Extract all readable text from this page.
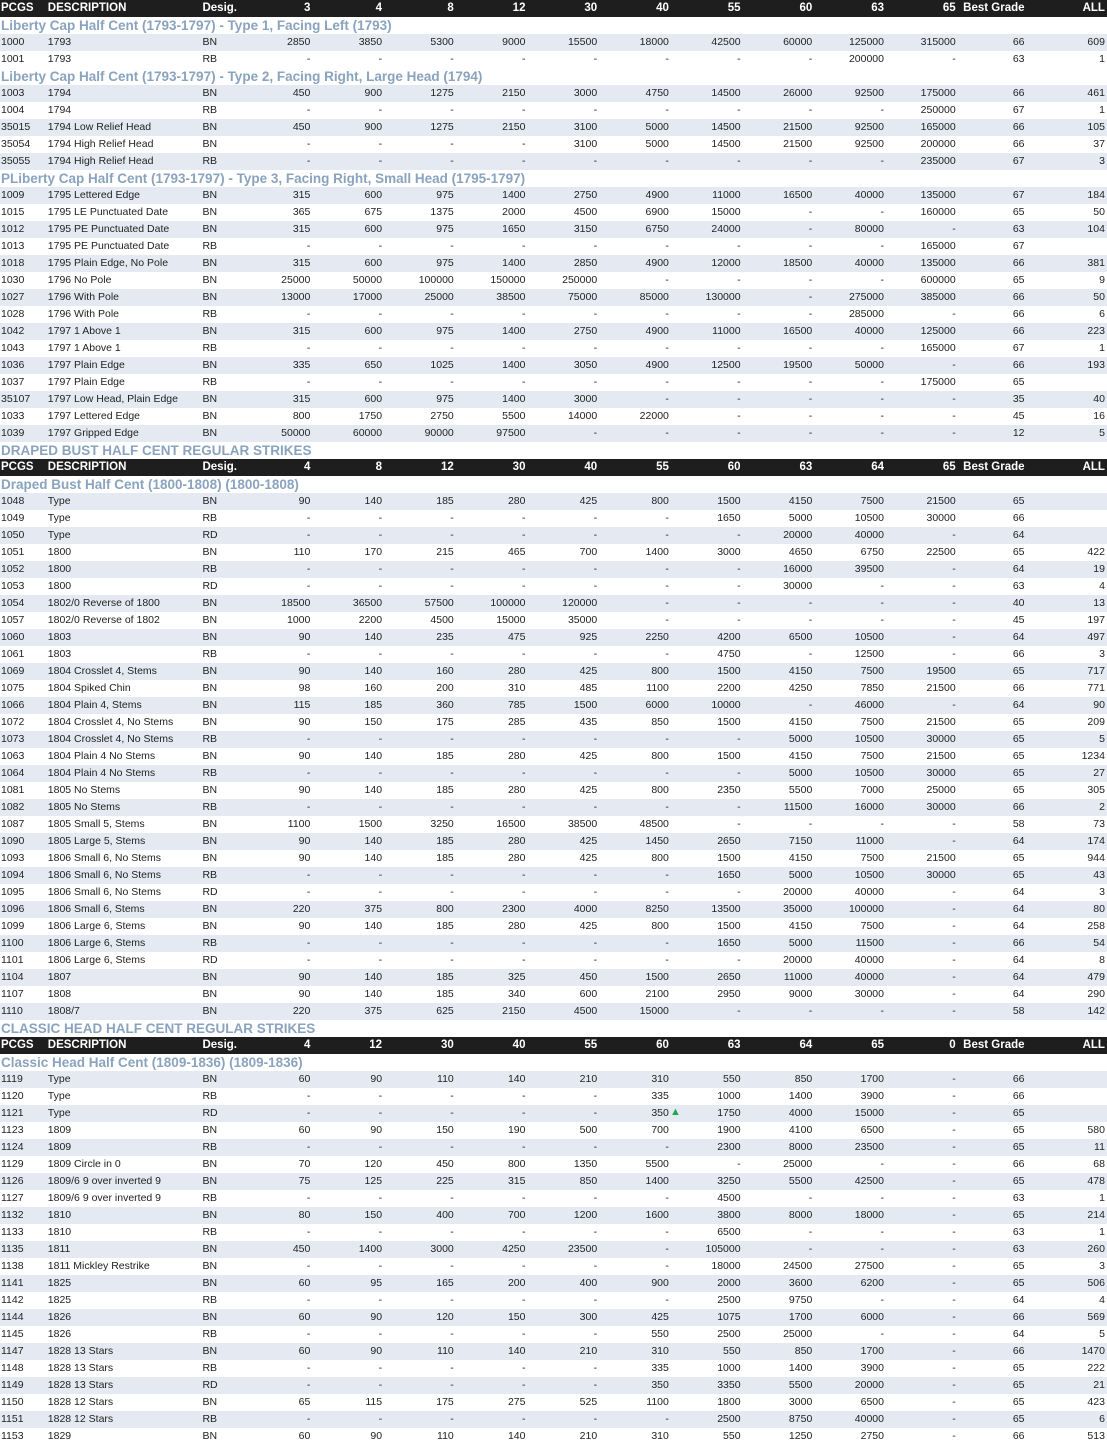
PCGS	DESCRIPTION	Desig.	3	4	8	12	30	40	55	60	63	65 Best Grade	ALL
Liberty Cap Half Cent (1793-1797) - Type 1, Facing Left (1793)
1000	1793	BN	2850	3850	5300	9000	15500	18000	42500	60000	125000	315000	66	609
1001	1793	RB	-	-	-	-	-	-	-	-	200000	-	63	1
Liberty Cap Half Cent (1793-1797) - Type 2, Facing Right, Large Head (1794)
1003	1794	BN	450	900	1275	2150	3000	4750	14500	26000	92500	175000	66	461
1004	1794	RB	-	-	-	-	-	-	-	-	-	250000	67	1
35015	1794 Low Relief Head	BN	450	900	1275	2150	3100	5000	14500	21500	92500	165000	66	105
35054	1794 High Relief Head	BN	-	-	-	-	3100	5000	14500	21500	92500	200000	66	37
35055	1794 High Relief Head	RB	-	-	-	-	-	-	-	-	-	235000	67	3
PLiberty Cap Half Cent (1793-1797) - Type 3, Facing Right, Small Head (1795-1797)
1009	1795 Lettered Edge	BN	315	600	975	1400	2750	4900	11000	16500	40000	135000	67	184
1015	1795 LE Punctuated Date	BN	365	675	1375	2000	4500	6900	15000	-	-	160000	65	50
1012	1795 PE Punctuated Date	BN	315	600	975	1650	3150	6750	24000	-	80000	-	63	104
1013	1795 PE Punctuated Date	RB	-	-	-	-	-	-	-	-	-	165000	67
1018	1795 Plain Edge, No Pole	BN	315	600	975	1400	2850	4900	12000	18500	40000	135000	66	381
1030	1796 No Pole	BN	25000	50000	100000	150000	250000	-	-	-	-	600000	65	9
1027	1796 With Pole	BN	13000	17000	25000	38500	75000	85000	130000	-	275000	385000	66	50
1028	1796 With Pole	RB	-	-	-	-	-	-	-	-	285000	-	66	6
1042	1797 1 Above 1	BN	315	600	975	1400	2750	4900	11000	16500	40000	125000	66	223
1043	1797 1 Above 1	RB	-	-	-	-	-	-	-	-	-	165000	67	1
1036	1797 Plain Edge	BN	335	650	1025	1400	3050	4900	12500	19500	50000	-	66	193
1037	1797 Plain Edge	RB	-	-	-	-	-	-	-	-	-	175000	65
35107	1797 Low Head, Plain Edge	BN	315	600	975	1400	3000	-	-	-	-	-	35	40
1033	1797 Lettered Edge	BN	800	1750	2750	5500	14000	22000	-	-	-	-	45	16
1039	1797 Gripped Edge	BN	50000	60000	90000	97500	-	-	-	-	-	-	12	5
DRAPED BUST HALF CENT REGULAR STRIKES
PCGS	DESCRIPTION	Desig.	4	8	12	30	40	55	60	63	64	65 Best Grade	ALL
Draped Bust Half Cent (1800-1808) (1800-1808)
1048	Type	BN	90	140	185	280	425	800	1500	4150	7500	21500	65
1049	Type	RB	-	-	-	-	-	-	1650	5000	10500	30000	66
1050	Type	RD	-	-	-	-	-	-	-	20000	40000	-	64
1051	1800	BN	110	170	215	465	700	1400	3000	4650	6750	22500	65	422
1052	1800	RB	-	-	-	-	-	-	-	16000	39500	-	64	19
1053	1800	RD	-	-	-	-	-	-	-	30000	-	-	63	4
1054	1802/0 Reverse of 1800	BN	18500	36500	57500	100000	120000	-	-	-	-	-	40	13
1057	1802/0 Reverse of 1802	BN	1000	2200	4500	15000	35000	-	-	-	-	-	45	197
1060	1803	BN	90	140	235	475	925	2250	4200	6500	10500	-	64	497
1061	1803	RB	-	-	-	-	-	-	4750	-	12500	-	66	3
1069	1804 Crosslet 4, Stems	BN	90	140	160	280	425	800	1500	4150	7500	19500	65	717
1075	1804 Spiked Chin	BN	98	160	200	310	485	1100	2200	4250	7850	21500	66	771
1066	1804 Plain 4, Stems	BN	115	185	360	785	1500	6000	10000	-	46000	-	64	90
1072	1804 Crosslet 4, No Stems	BN	90	150	175	285	435	850	1500	4150	7500	21500	65	209
1073	1804 Crosslet 4, No Stems	RB	-	-	-	-	-	-	-	5000	10500	30000	65	5
1063	1804 Plain 4 No Stems	BN	90	140	185	280	425	800	1500	4150	7500	21500	65	1234
1064	1804 Plain 4 No Stems	RB	-	-	-	-	-	-	-	5000	10500	30000	65	27
1081	1805 No Stems	BN	90	140	185	280	425	800	2350	5500	7000	25000	65	305
1082	1805 No Stems	RB	-	-	-	-	-	-	-	11500	16000	30000	66	2
1087	1805 Small 5, Stems	BN	1100	1500	3250	16500	38500	48500	-	-	-	-	58	73
1090	1805 Large 5, Stems	BN	90	140	185	280	425	1450	2650	7150	11000	-	64	174
1093	1806 Small 6, No Stems	BN	90	140	185	280	425	800	1500	4150	7500	21500	65	944
1094	1806 Small 6, No Stems	RB	-	-	-	-	-	-	1650	5000	10500	30000	65	43
1095	1806 Small 6, No Stems	RD	-	-	-	-	-	-	-	20000	40000	-	64	3
1096	1806 Small 6, Stems	BN	220	375	800	2300	4000	8250	13500	35000	100000	-	64	80
1099	1806 Large 6, Stems	BN	90	140	185	280	425	800	1500	4150	7500	-	64	258
1100	1806 Large 6, Stems	RB	-	-	-	-	-	-	1650	5000	11500	-	66	54
1101	1806 Large 6, Stems	RD	-	-	-	-	-	-	-	20000	40000	-	64	8
1104	1807	BN	90	140	185	325	450	1500	2650	11000	40000	-	64	479
1107	1808	BN	90	140	185	340	600	2100	2950	9000	30000	-	64	290
1110	1808/7	BN	220	375	625	2150	4500	15000	-	-	-	-	58	142
CLASSIC HEAD HALF CENT REGULAR STRIKES
PCGS	DESCRIPTION	Desig.	4	12	30	40	55	60	63	64	65	0 Best Grade	ALL
Classic Head Half Cent (1809-1836) (1809-1836)
1119	Type	BN	60	90	110	140	210	310	550	850	1700	-	66
1120	Type	RB	-	-	-	-	-	335	1000	1400	3900	-	66
1121	Type	RD	-	-	-	-	-	350	1750	4000	15000	-	65
▲
1123	1809	BN	60	90	150	190	500	700	1900	4100	6500	-	65	580
1124	1809	RB	-	-	-	-	-	-	2300	8000	23500	-	65	11
1129	1809 Circle in 0	BN	70	120	450	800	1350	5500	-	25000	-	-	66	68
1126	1809/6 9 over inverted 9	BN	75	125	225	315	850	1400	3250	5500	42500	-	65	478
1127	1809/6 9 over inverted 9	RB	-	-	-	-	-	-	4500	-	-	-	63	1
1132	1810	BN	80	150	400	700	1200	1600	3800	8000	18000	-	65	214
1133	1810	RB	-	-	-	-	-	-	6500	-	-	-	63	1
1135	1811	BN	450	1400	3000	4250	23500	-	105000	-	-	-	63	260
1138	1811 Mickley Restrike	BN	-	-	-	-	-	-	18000	24500	27500	-	65	3
1141	1825	BN	60	95	165	200	400	900	2000	3600	6200	-	65	506
1142	1825	RB	-	-	-	-	-	-	2500	9750	-	-	64	4
1144	1826	BN	60	90	120	150	300	425	1075	1700	6000	-	66	569
1145	1826	RB	-	-	-	-	-	550	2500	25000	-	-	64	5
1147	1828 13 Stars	BN	60	90	110	140	210	310	550	850	1700	-	66	1470
1148	1828 13 Stars	RB	-	-	-	-	-	335	1000	1400	3900	-	65	222
1149	1828 13 Stars	RD	-	-	-	-	-	350	3350	5500	20000	-	65	21
1150	1828 12 Stars	BN	65	115	175	275	525	1100	1800	3000	6500	-	65	423
1151	1828 12 Stars	RB	-	-	-	-	-	-	2500	8750	40000	-	65	6
1153	1829	BN	60	90	110	140	210	310	550	1250	2750	-	66	513
